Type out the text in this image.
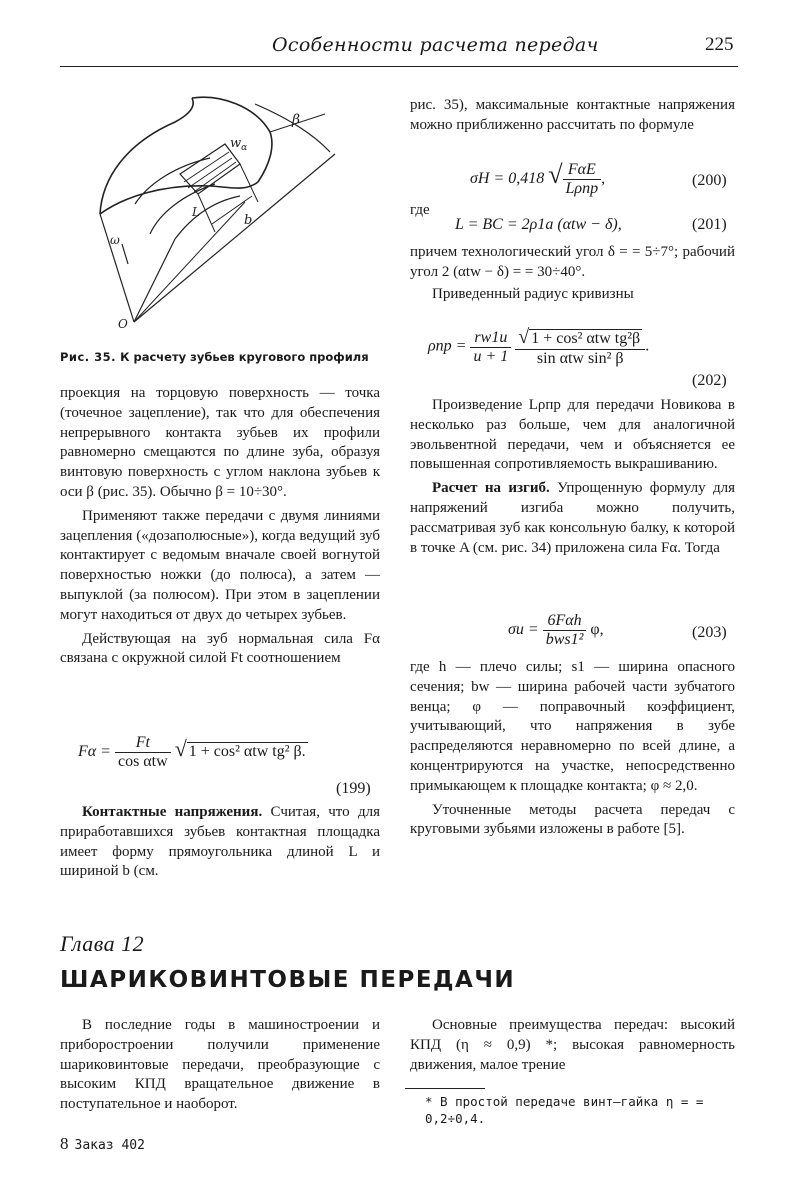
Особенности расчета передач	225
β
$w_\alpha$
b
L
ω
O
Рис. 35. К расчету зубьев кругового профиля

проекция на торцовую поверхность — точка (точечное зацепление), так что для обеспечения непрерывного контакта зубьев их профили равномерно смещаются по длине зуба, образуя винтовую поверхность с углом наклона зубьев к оси β (рис. 35). Обычно β = 10÷30°.

Применяют также передачи с двумя линиями зацепления («дозаполюсные»), когда ведущий зуб контактирует с ведомым вначале своей вогнутой поверхностью ножки (до полюса), а затем — выпуклой (за полюсом). При этом в зацеплении могут находиться от двух до четырех зубьев.

Действующая на зуб нормальная сила Fα связана с окружной силой Ft соотношением

$F\alpha = \frac{Ft}{\text{cos αtw}}$ √ 1 + cos² αtw tg² β.
(199)

Контактные напряжения. Считая, что для приработавшихся зубьев контактная площадка имеет форму прямоугольника длиной L и шириной b (см.

рис. 35), максимальные контактные напряжения можно приближенно рассчитать по формуле

σH = 0,418 √ $\frac{\text{FαE}}{\text{Lρпр}}$ ,	(200)
где
L = BC = 2ρ1a (αtw − δ),	(201)

причем технологический угол δ = = 5÷7°; рабочий угол 2 (αtw − δ) = = 30÷40°.

Приведенный радиус кривизны

$\rho пр = \frac{rw1u}{u + 1}$
$\frac{\text{√ 1 + cos² αtw tg²β}}{\text{sin αtw sin² β}}$ .
(202)

Произведение Lρпр для передачи Новикова в несколько раз больше, чем для аналогичной эвольвентной передачи, чем и объясняется ее повышенная сопротивляемость выкрашиванию.

Расчет на изгиб. Упрощенную формулу для напряжений изгиба можно получить, рассматривая зуб как консольную балку, к которой в точке A (см. рис. 34) приложена сила Fα. Тогда

$\sigma и = \frac{\text{6Fαh}}{\text{bws1²}} \varphi$,	(203)

где h — плечо силы; s1 — ширина опасного сечения; bw — ширина рабочей части зубчатого венца; φ — поправочный коэффициент, учитывающий, что напряжения в зубе распределяются неравномерно по всей длине, а концентрируются на участке, непосредственно примыкающем к площадке контакта; φ ≈ 2,0.

Уточненные методы расчета передач с круговыми зубьями изложены в работе [5].

Глава 12
ШАРИКОВИНТОВЫЕ ПЕРЕДАЧИ

В последние годы в машиностроении и приборостроении получили применение шариковинтовые передачи, преобразующие с высоким КПД вращательное движение в поступательное и наоборот.

Основные преимущества передач: высокий КПД (η ≈ 0,9) *; высокая равномерность движения, малое трение

* В простой передаче винт—гайка η = = 0,2÷0,4.
8 Заказ 402
